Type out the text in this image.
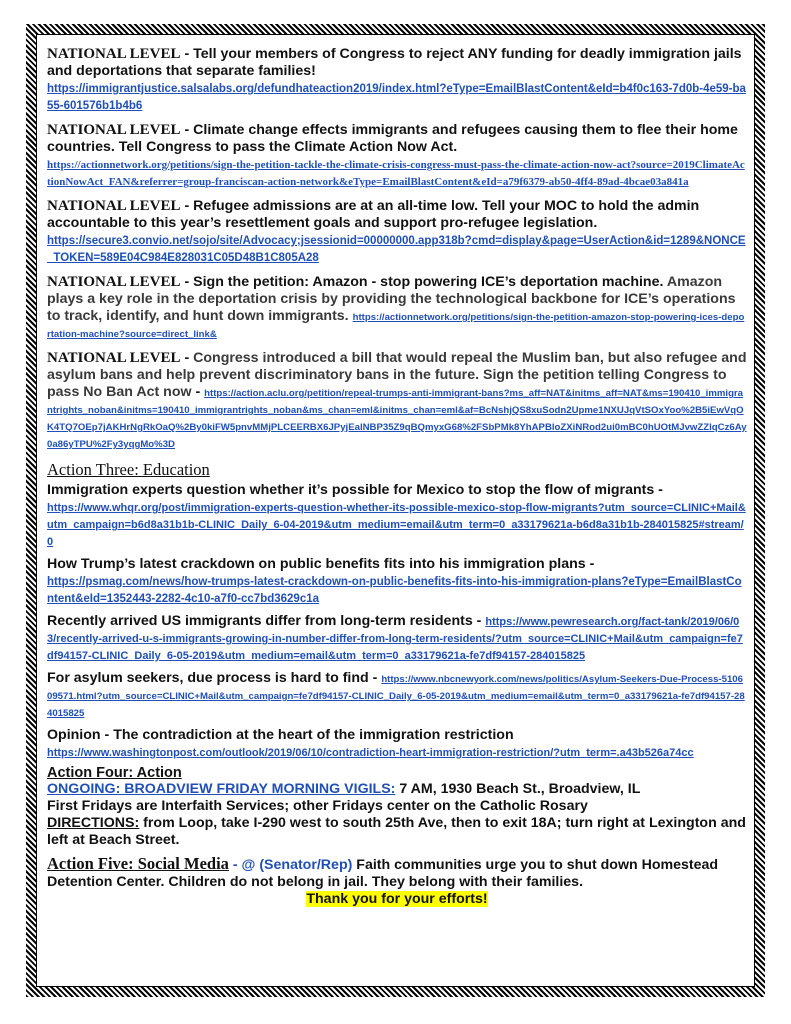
NATIONAL LEVEL - Tell your members of Congress to reject ANY funding for deadly immigration jails and deportations that separate families!
https://immigrantjustice.salsalabs.org/defundhateaction2019/index.html?eType=EmailBlastContent&eId=b4f0c163-7d0b-4e59-ba55-601576b1b4b6
NATIONAL LEVEL - Climate change effects immigrants and refugees causing them to flee their home countries. Tell Congress to pass the Climate Action Now Act.
https://actionnetwork.org/petitions/sign-the-petition-tackle-the-climate-crisis-congress-must-pass-the-climate-action-now-act?source=2019ClimateActionNowAct_FAN&referrer=group-franciscan-action-network&eType=EmailBlastContent&eId=a79f6379-ab50-4ff4-89ad-4bcae03a841a
NATIONAL LEVEL - Refugee admissions are at an all-time low. Tell your MOC to hold the admin accountable to this year’s resettlement goals and support pro-refugee legislation.
https://secure3.convio.net/sojo/site/Advocacy;jsessionid=00000000.app318b?cmd=display&page=UserAction&id=1289&NONCE_TOKEN=589E04C984E828031C05D48B1C805A28
NATIONAL LEVEL - Sign the petition: Amazon - stop powering ICE’s deportation machine. Amazon plays a key role in the deportation crisis by providing the technological backbone for ICE’s operations to track, identify, and hunt down immigrants. https://actionnetwork.org/petitions/sign-the-petition-amazon-stop-powering-ices-deportation-machine?source=direct_link&
NATIONAL LEVEL - Congress introduced a bill that would repeal the Muslim ban, but also refugee and asylum bans and help prevent discriminatory bans in the future. Sign the petition telling Congress to pass No Ban Act now - https://action.aclu.org/petition/repeal-trumps-anti-immigrant-bans?ms_aff=NAT&initms_aff=NAT&ms=190410_immigrantrights_noban&initms=190410_immigrantrights_noban&ms_chan=eml&initms_chan=eml&af=BcNshjQS8xuSodn2Upme1NXUJqVtSOxYoo%2B5iEwVqOK4TQ7OEp7jAKHrNgRkOaQ%2By0kiFW5pnvMMjPLCEERBX6JPyjEalNBP35Z9qBQmyxG68%2FSbPMk8YhAPBloZXiNRod2ui0mBC0hUOtMJvwZZlqCz6Ay0a86yTPU%2Fy3yqgMo%3D
Action Three: Education
Immigration experts question whether it’s possible for Mexico to stop the flow of migrants -
https://www.whqr.org/post/immigration-experts-question-whether-its-possible-mexico-stop-flow-migrants?utm_source=CLINIC+Mail&utm_campaign=b6d8a31b1b-CLINIC_Daily_6-04-2019&utm_medium=email&utm_term=0_a33179621a-b6d8a31b1b-284015825#stream/0
How Trump’s latest crackdown on public benefits fits into his immigration plans -
https://psmag.com/news/how-trumps-latest-crackdown-on-public-benefits-fits-into-his-immigration-plans?eType=EmailBlastContent&eId=1352443-2282-4c10-a7f0-cc7bd3629c1a
Recently arrived US immigrants differ from long-term residents - https://www.pewresearch.org/fact-tank/2019/06/03/recently-arrived-u-s-immigrants-growing-in-number-differ-from-long-term-residents/?utm_source=CLINIC+Mail&utm_campaign=fe7df94157-CLINIC_Daily_6-05-2019&utm_medium=email&utm_term=0_a33179621a-fe7df94157-284015825
For asylum seekers, due process is hard to find - https://www.nbcnewyork.com/news/politics/Asylum-Seekers-Due-Process-510609571.html?utm_source=CLINIC+Mail&utm_campaign=fe7df94157-CLINIC_Daily_6-05-2019&utm_medium=email&utm_term=0_a33179621a-fe7df94157-284015825
Opinion - The contradiction at the heart of the immigration restriction
https://www.washingtonpost.com/outlook/2019/06/10/contradiction-heart-immigration-restriction/?utm_term=.a43b526a74cc
Action Four: Action
ONGOING: BROADVIEW FRIDAY MORNING VIGILS: 7 AM, 1930 Beach St., Broadview, IL
First Fridays are Interfaith Services; other Fridays center on the Catholic Rosary
DIRECTIONS: from Loop, take I-290 west to south 25th Ave, then to exit 18A; turn right at Lexington and left at Beach Street.
Action Five: Social Media - @ (Senator/Rep) Faith communities urge you to shut down Homestead Detention Center. Children do not belong in jail. They belong with their families.
Thank you for your efforts!
